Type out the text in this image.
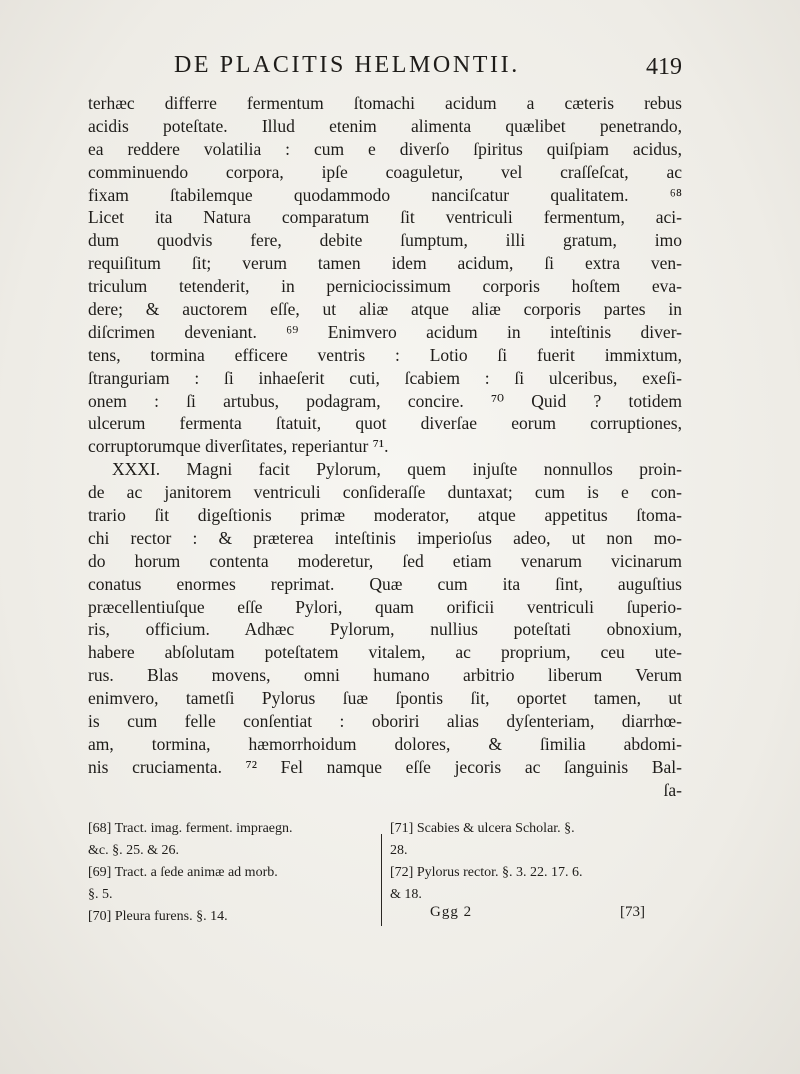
DE PLACITIS HELMONTII.	419
terhæc differre fermentum ſtomachi acidum a cæteris rebus
acidis poteſtate. Illud etenim alimenta quælibet penetrando,
ea reddere volatilia : cum e diverſo ſpiritus quiſpiam acidus,
comminuendo corpora, ipſe coaguletur, vel craſſeſcat, ac
fixam ſtabilemque quodammodo nanciſcatur qualitatem. ⁶⁸
Licet ita Natura comparatum ſit ventriculi fermentum, aci-
dum quodvis fere, debite ſumptum, illi gratum, imo
requiſitum ſit; verum tamen idem acidum, ſi extra ven-
triculum tetenderit, in perniciocissimum corporis hoſtem eva-
dere; & auctorem eſſe, ut aliæ atque aliæ corporis partes in
diſcrimen deveniant. ⁶⁹ Enimvero acidum in inteſtinis diver-
tens, tormina efficere ventris : Lotio ſi fuerit immixtum,
ſtranguriam : ſi inhaeſerit cuti, ſcabiem : ſi ulceribus, exeſi-
onem : ſi artubus, podagram, concire. ⁷⁰ Quid ? totidem
ulcerum fermenta ſtatuit, quot diverſae eorum corruptiones,
corruptorumque diverſitates, reperiantur ⁷¹.
XXXI. Magni facit Pylorum, quem injuſte nonnullos proin-
de ac janitorem ventriculi conſideraſſe duntaxat; cum is e con-
trario ſit digeſtionis primæ moderator, atque appetitus ſtoma-
chi rector : & præterea inteſtinis imperioſus adeo, ut non mo-
do horum contenta moderetur, ſed etiam venarum vicinarum
conatus enormes reprimat. Quæ cum ita ſint, auguſtius
præcellentiuſque eſſe Pylori, quam orificii ventriculi ſuperio-
ris, officium. Adhæc Pylorum, nullius poteſtati obnoxium,
habere abſolutam poteſtatem vitalem, ac proprium, ceu ute-
rus. Blas movens, omni humano arbitrio liberum Verum
enimvero, tametſi Pylorus ſuæ ſpontis ſit, oportet tamen, ut
is cum felle conſentiat : oboriri alias dyſenteriam, diarrhœ-
am, tormina, hæmorrhoidum dolores, & ſimilia abdomi-
nis cruciamenta. ⁷² Fel namque eſſe jecoris ac ſanguinis Bal-
ſa-
[68] Tract. imag. ferment. impraegn.
&c. §. 25. & 26.
[69] Tract. a ſede animæ ad morb.
§. 5.
[70] Pleura furens. §. 14.
[71] Scabies & ulcera Scholar. §.
28.
[72] Pylorus rector. §. 3. 22. 17. 6.
& 18.
Ggg 2	[73]
